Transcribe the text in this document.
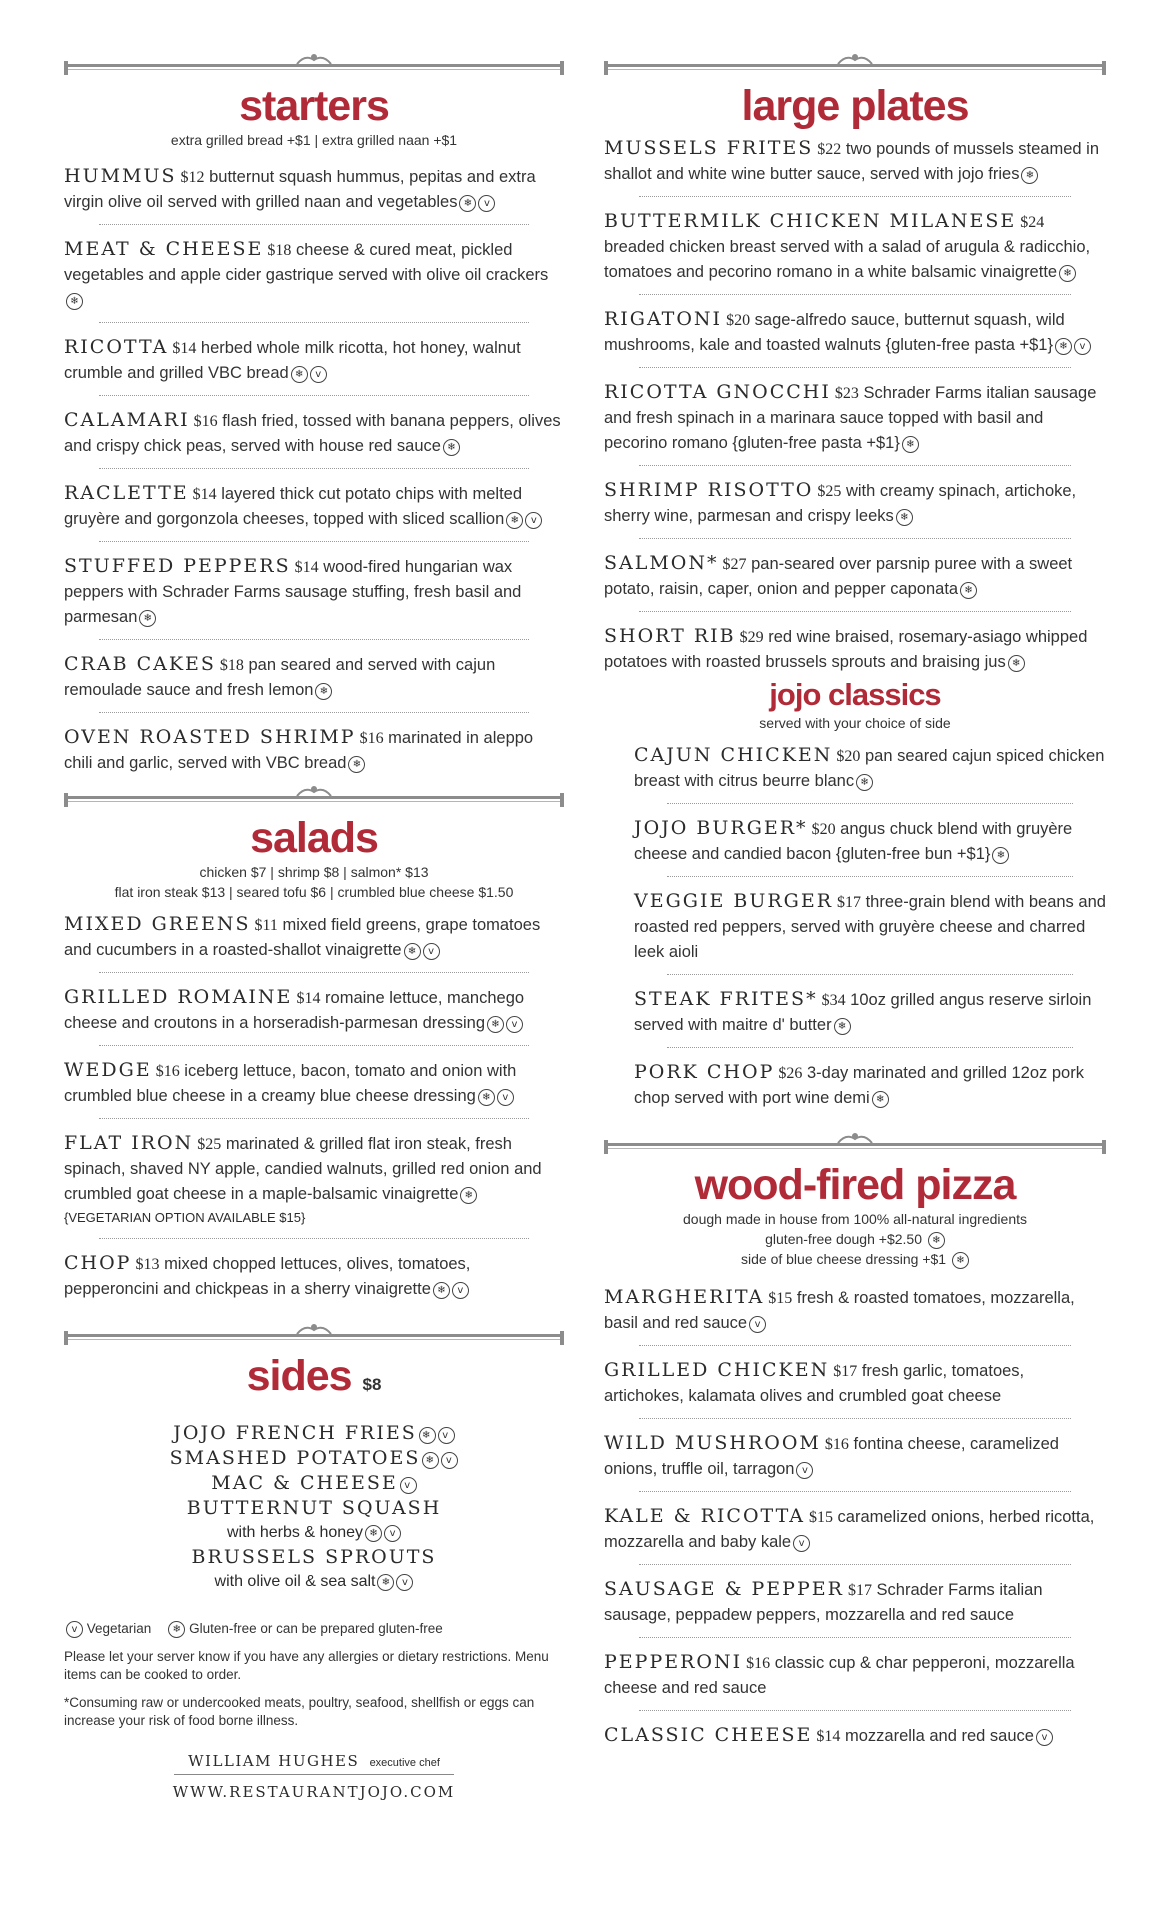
starters
extra grilled bread +$1 | extra grilled naan +$1
HUMMUS $12 butternut squash hummus, pepitas and extra virgin olive oil served with grilled naan and vegetables ❄ v
MEAT & CHEESE $18 cheese & cured meat, pickled vegetables and apple cider gastrique served with olive oil crackers❄
RICOTTA $14 herbed whole milk ricotta, hot honey, walnut crumble and grilled VBC bread ❄ v
CALAMARI $16 flash fried, tossed with banana peppers, olives and crispy chick peas, served with house red sauce ❄
RACLETTE $14 layered thick cut potato chips with melted gruyère and gorgonzola cheeses, topped with sliced scallion ❄ v
STUFFED PEPPERS $14 wood-fired hungarian wax peppers with Schrader Farms sausage stuffing, fresh basil and parmesan ❄
CRAB CAKES $18 pan seared and served with cajun remoulade sauce and fresh lemon ❄
OVEN ROASTED SHRIMP $16 marinated in aleppo chili and garlic, served with VBC bread ❄
salads
chicken $7 | shrimp $8 | salmon* $13
flat iron steak $13 | seared tofu $6 | crumbled blue cheese $1.50
MIXED GREENS $11 mixed field greens, grape tomatoes and cucumbers in a roasted-shallot vinaigrette ❄ v
GRILLED ROMAINE $14 romaine lettuce, manchego cheese and croutons in a horseradish-parmesan dressing ❄ v
WEDGE $16 iceberg lettuce, bacon, tomato and onion with crumbled blue cheese in a creamy blue cheese dressing ❄ v
FLAT IRON $25 marinated & grilled flat iron steak, fresh spinach, shaved NY apple, candied walnuts, grilled red onion and crumbled goat cheese in a maple-balsamic vinaigrette ❄
{VEGETARIAN OPTION AVAILABLE $15}
CHOP $13 mixed chopped lettuces, olives, tomatoes, pepperoncini and chickpeas in a sherry vinaigrette ❄ v
sides $8
JOJO FRENCH FRIES ❄ v
SMASHED POTATOES ❄ v
MAC & CHEESE v
BUTTERNUT SQUASH
with herbs & honey ❄ v
BRUSSELS SPROUTS
with olive oil & sea salt ❄ v
v Vegetarian ❄ Gluten-free or can be prepared gluten-free
Please let your server know if you have any allergies or dietary restrictions. Menu items can be cooked to order.
*Consuming raw or undercooked meats, poultry, seafood, shellfish or eggs can increase your risk of food borne illness.
WILLIAM HUGHES executive chef
WWW.RESTAURANTJOJO.COM
large plates
MUSSELS FRITES $22 two pounds of mussels steamed in shallot and white wine butter sauce, served with jojo fries ❄
BUTTERMILK CHICKEN MILANESE $24 breaded chicken breast served with a salad of arugula & radicchio, tomatoes and pecorino romano in a white balsamic vinaigrette ❄
RIGATONI $20 sage-alfredo sauce, butternut squash, wild mushrooms, kale and toasted walnuts {gluten-free pasta +$1} ❄ v
RICOTTA GNOCCHI $23 Schrader Farms italian sausage and fresh spinach in a marinara sauce topped with basil and pecorino romano {gluten-free pasta +$1} ❄
SHRIMP RISOTTO $25 with creamy spinach, artichoke, sherry wine, parmesan and crispy leeks ❄
SALMON* $27 pan-seared over parsnip puree with a sweet potato, raisin, caper, onion and pepper caponata ❄
SHORT RIB $29 red wine braised, rosemary-asiago whipped potatoes with roasted brussels sprouts and braising jus ❄
jojo classics
served with your choice of side
CAJUN CHICKEN $20 pan seared cajun spiced chicken breast with citrus beurre blanc ❄
JOJO BURGER* $20 angus chuck blend with gruyère cheese and candied bacon {gluten-free bun +$1} ❄
VEGGIE BURGER $17 three-grain blend with beans and roasted red peppers, served with gruyère cheese and charred leek aioli
STEAK FRITES* $34 10oz grilled angus reserve sirloin served with maitre d' butter ❄
PORK CHOP $26 3-day marinated and grilled 12oz pork chop served with port wine demi ❄
wood-fired pizza
dough made in house from 100% all-natural ingredients
gluten-free dough +$2.50 ❄
side of blue cheese dressing +$1 ❄
MARGHERITA $15 fresh & roasted tomatoes, mozzarella, basil and red sauce v
GRILLED CHICKEN $17 fresh garlic, tomatoes, artichokes, kalamata olives and crumbled goat cheese
WILD MUSHROOM $16 fontina cheese, caramelized onions, truffle oil, tarragon v
KALE & RICOTTA $15 caramelized onions, herbed ricotta, mozzarella and baby kale v
SAUSAGE & PEPPER $17 Schrader Farms italian sausage, peppadew peppers, mozzarella and red sauce
PEPPERONI $16 classic cup & char pepperoni, mozzarella cheese and red sauce
CLASSIC CHEESE $14 mozzarella and red sauce v
